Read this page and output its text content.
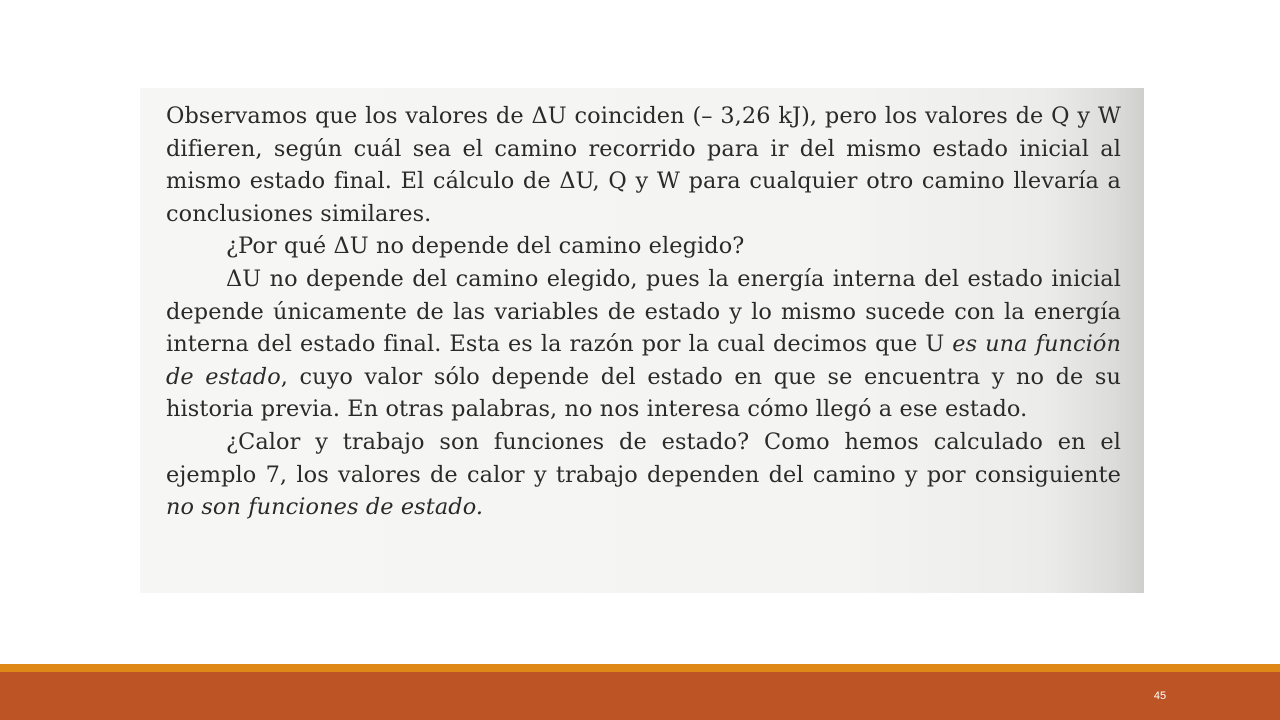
Observamos que los valores de ΔU coinciden (– 3,26 kJ), pero los valores de Q y W difieren, según cuál sea el camino recorrido para ir del mismo estado inicial al mismo estado final. El cálculo de ΔU, Q y W para cualquier otro camino llevaría a conclusiones similares.

¿Por qué ΔU no depende del camino elegido?

ΔU no depende del camino elegido, pues la energía interna del estado inicial depende únicamente de las variables de estado y lo mismo sucede con la energía interna del estado final. Esta es la razón por la cual decimos que U es una función de estado, cuyo valor sólo depende del estado en que se encuentra y no de su historia previa. En otras palabras, no nos interesa cómo llegó a ese estado.

¿Calor y trabajo son funciones de estado? Como hemos calculado en el ejemplo 7, los valores de calor y trabajo dependen del camino y por consiguiente no son funciones de estado.

45
